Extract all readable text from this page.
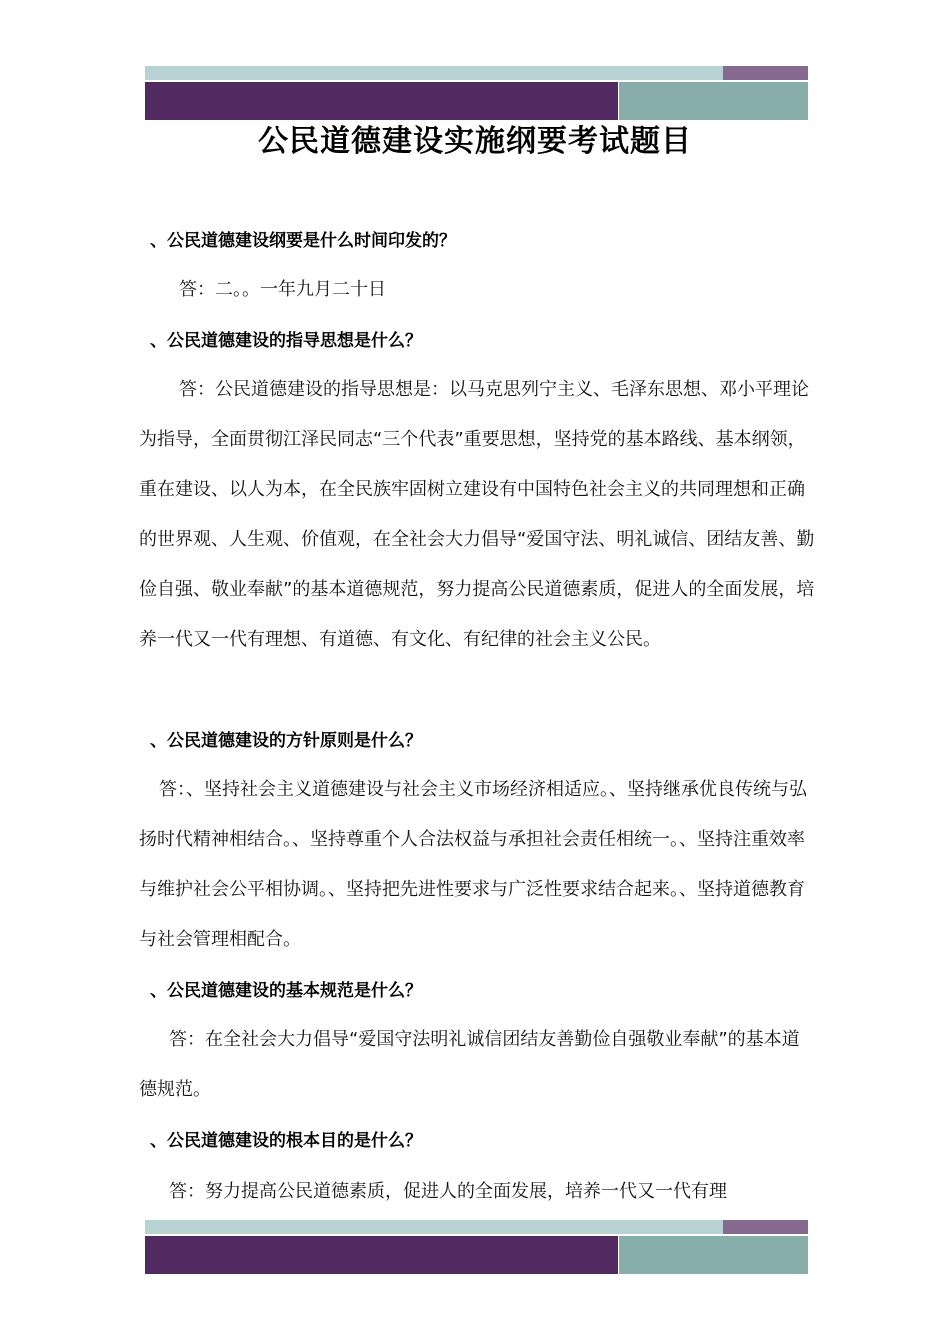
公民道德建设实施纲要考试题目
、公民道德建设纲要是什么时间印发的？

答：二。。一年九月二十日

、公民道德建设的指导思想是什么？

答：公民道德建设的指导思想是：以马克思列宁主义、毛泽东思想、邓小平理论为指导，全面贯彻江泽民同志“三个代表”重要思想，坚持党的基本路线、基本纲领，重在建设、以人为本，在全民族牢固树立建设有中国特色社会主义的共同理想和正确的世界观、人生观、价值观，在全社会大力倡导“爱国守法、明礼诚信、团结友善、勤俭自强、敬业奉献”的基本道德规范，努力提高公民道德素质，促进人的全面发展，培养一代又一代有理想、有道德、有文化、有纪律的社会主义公民。

、公民道德建设的方针原则是什么？

答：、坚持社会主义道德建设与社会主义市场经济相适应。、坚持继承优良传统与弘扬时代精神相结合。、坚持尊重个人合法权益与承担社会责任相统一。、坚持注重效率与维护社会公平相协调。、坚持把先进性要求与广泛性要求结合起来。、坚持道德教育与社会管理相配合。

、公民道德建设的基本规范是什么？

答：在全社会大力倡导“爱国守法明礼诚信团结友善勤俭自强敬业奉献”的基本道德规范。

、公民道德建设的根本目的是什么？

答：努力提高公民道德素质，促进人的全面发展，培养一代又一代有理
